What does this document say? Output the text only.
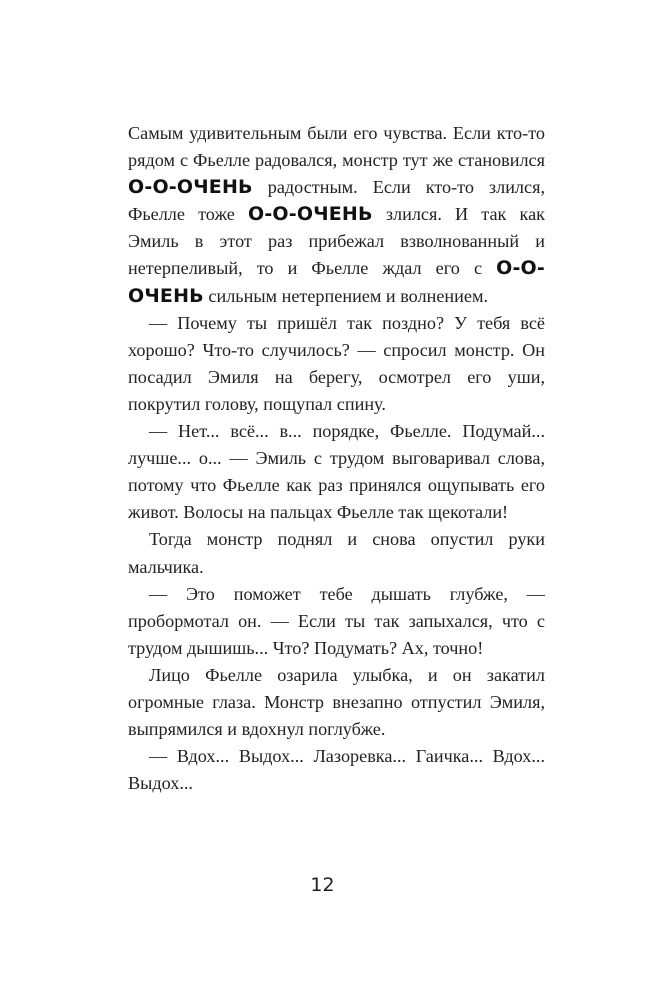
Самым удивительным были его чувства. Если кто-то рядом с Фьелле радовался, монстр тут же становился О-О-ОЧЕНЬ радостным. Если кто-то злился, Фьелле тоже О-О-ОЧЕНЬ злился. И так как Эмиль в этот раз прибежал взволнованный и нетерпеливый, то и Фьелле ждал его с О-О-ОЧЕНЬ сильным нетерпением и волнением.

— Почему ты пришёл так поздно? У тебя всё хорошо? Что-то случилось? — спросил монстр. Он посадил Эмиля на берегу, осмотрел его уши, покрутил голову, пощупал спину.

— Нет... всё... в... порядке, Фьелле. Подумай... лучше... о... — Эмиль с трудом выговаривал слова, потому что Фьелле как раз принялся ощупывать его живот. Волосы на пальцах Фьелле так щекотали!

Тогда монстр поднял и снова опустил руки мальчика.

— Это поможет тебе дышать глубже, — пробормотал он. — Если ты так запыхался, что с трудом дышишь... Что? Подумать? Ах, точно!

Лицо Фьелле озарила улыбка, и он закатил огромные глаза. Монстр внезапно отпустил Эмиля, выпрямился и вдохнул поглубже.

— Вдох... Выдох... Лазоревка... Гаичка... Вдох... Выдох...

12
